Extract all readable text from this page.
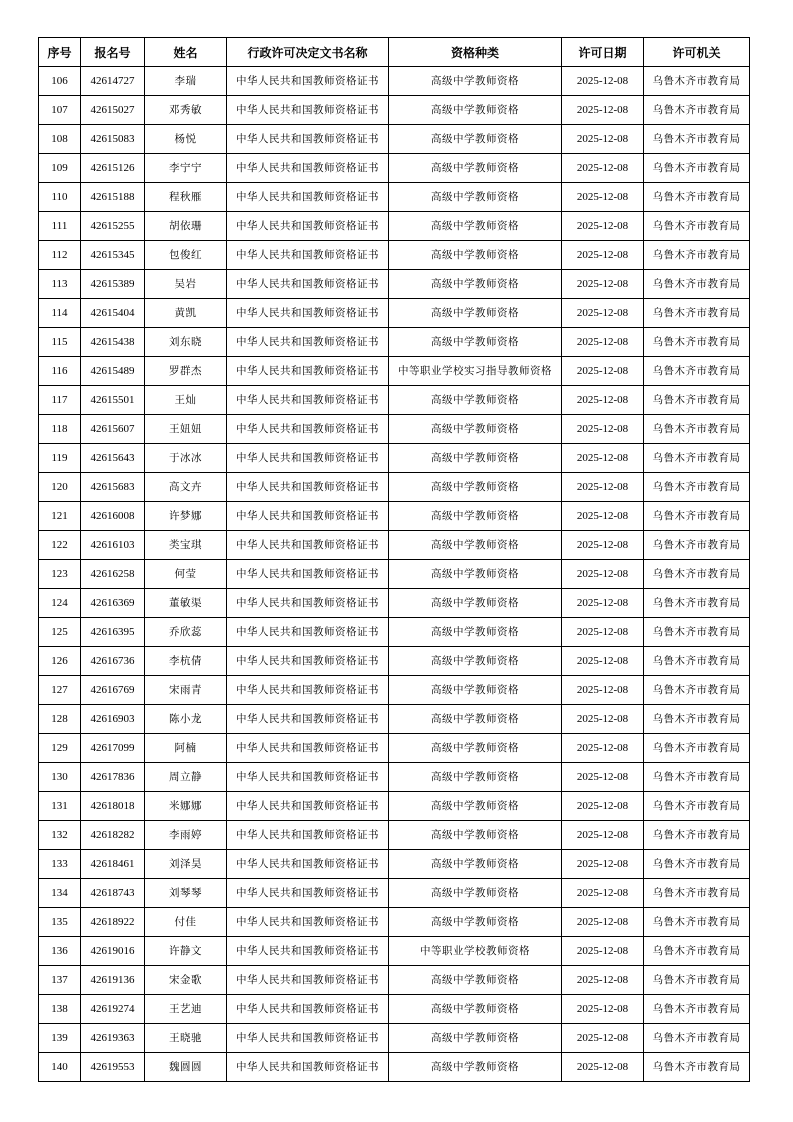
序号	报名号	姓名	行政许可决定文书名称	资格种类	许可日期	许可机关
106	42614727	李瑞	中华人民共和国教师资格证书	高级中学教师资格	2025-12-08	乌鲁木齐市教育局
107	42615027	邓秀敏	中华人民共和国教师资格证书	高级中学教师资格	2025-12-08	乌鲁木齐市教育局
108	42615083	杨悦	中华人民共和国教师资格证书	高级中学教师资格	2025-12-08	乌鲁木齐市教育局
109	42615126	李宁宁	中华人民共和国教师资格证书	高级中学教师资格	2025-12-08	乌鲁木齐市教育局
110	42615188	程秋雁	中华人民共和国教师资格证书	高级中学教师资格	2025-12-08	乌鲁木齐市教育局
111	42615255	胡依珊	中华人民共和国教师资格证书	高级中学教师资格	2025-12-08	乌鲁木齐市教育局
112	42615345	包俊红	中华人民共和国教师资格证书	高级中学教师资格	2025-12-08	乌鲁木齐市教育局
113	42615389	吴岩	中华人民共和国教师资格证书	高级中学教师资格	2025-12-08	乌鲁木齐市教育局
114	42615404	黄凯	中华人民共和国教师资格证书	高级中学教师资格	2025-12-08	乌鲁木齐市教育局
115	42615438	刘东晓	中华人民共和国教师资格证书	高级中学教师资格	2025-12-08	乌鲁木齐市教育局
116	42615489	罗群杰	中华人民共和国教师资格证书	中等职业学校实习指导教师资格	2025-12-08	乌鲁木齐市教育局
117	42615501	王灿	中华人民共和国教师资格证书	高级中学教师资格	2025-12-08	乌鲁木齐市教育局
118	42615607	王妞妞	中华人民共和国教师资格证书	高级中学教师资格	2025-12-08	乌鲁木齐市教育局
119	42615643	于冰冰	中华人民共和国教师资格证书	高级中学教师资格	2025-12-08	乌鲁木齐市教育局
120	42615683	高文卉	中华人民共和国教师资格证书	高级中学教师资格	2025-12-08	乌鲁木齐市教育局
121	42616008	许梦娜	中华人民共和国教师资格证书	高级中学教师资格	2025-12-08	乌鲁木齐市教育局
122	42616103	类宝琪	中华人民共和国教师资格证书	高级中学教师资格	2025-12-08	乌鲁木齐市教育局
123	42616258	何莹	中华人民共和国教师资格证书	高级中学教师资格	2025-12-08	乌鲁木齐市教育局
124	42616369	董敏渠	中华人民共和国教师资格证书	高级中学教师资格	2025-12-08	乌鲁木齐市教育局
125	42616395	乔欣蕊	中华人民共和国教师资格证书	高级中学教师资格	2025-12-08	乌鲁木齐市教育局
126	42616736	李杭倩	中华人民共和国教师资格证书	高级中学教师资格	2025-12-08	乌鲁木齐市教育局
127	42616769	宋雨青	中华人民共和国教师资格证书	高级中学教师资格	2025-12-08	乌鲁木齐市教育局
128	42616903	陈小龙	中华人民共和国教师资格证书	高级中学教师资格	2025-12-08	乌鲁木齐市教育局
129	42617099	阿楠	中华人民共和国教师资格证书	高级中学教师资格	2025-12-08	乌鲁木齐市教育局
130	42617836	周立静	中华人民共和国教师资格证书	高级中学教师资格	2025-12-08	乌鲁木齐市教育局
131	42618018	米娜娜	中华人民共和国教师资格证书	高级中学教师资格	2025-12-08	乌鲁木齐市教育局
132	42618282	李雨婷	中华人民共和国教师资格证书	高级中学教师资格	2025-12-08	乌鲁木齐市教育局
133	42618461	刘泽昊	中华人民共和国教师资格证书	高级中学教师资格	2025-12-08	乌鲁木齐市教育局
134	42618743	刘琴琴	中华人民共和国教师资格证书	高级中学教师资格	2025-12-08	乌鲁木齐市教育局
135	42618922	付佳	中华人民共和国教师资格证书	高级中学教师资格	2025-12-08	乌鲁木齐市教育局
136	42619016	许静文	中华人民共和国教师资格证书	中等职业学校教师资格	2025-12-08	乌鲁木齐市教育局
137	42619136	宋金歌	中华人民共和国教师资格证书	高级中学教师资格	2025-12-08	乌鲁木齐市教育局
138	42619274	王艺迪	中华人民共和国教师资格证书	高级中学教师资格	2025-12-08	乌鲁木齐市教育局
139	42619363	王晓驰	中华人民共和国教师资格证书	高级中学教师资格	2025-12-08	乌鲁木齐市教育局
140	42619553	魏圆圆	中华人民共和国教师资格证书	高级中学教师资格	2025-12-08	乌鲁木齐市教育局
